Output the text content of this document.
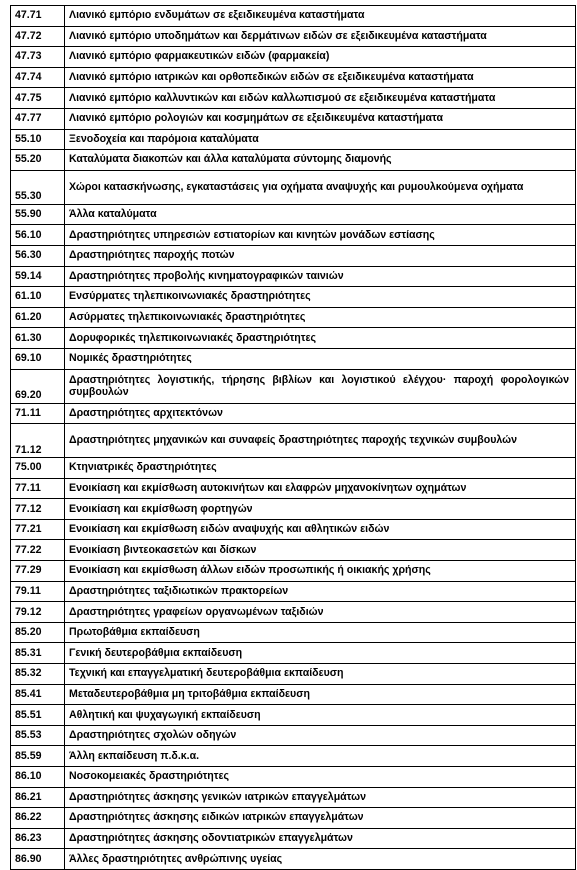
47.71	Λιανικό εμπόριο ενδυμάτων σε εξειδικευμένα καταστήματα
47.72	Λιανικό εμπόριο υποδημάτων και δερμάτινων ειδών σε εξειδικευμένα καταστήματα
47.73	Λιανικό εμπόριο φαρμακευτικών ειδών (φαρμακεία)
47.74	Λιανικό εμπόριο ιατρικών και ορθοπεδικών ειδών σε εξειδικευμένα καταστήματα
47.75	Λιανικό εμπόριο καλλυντικών και ειδών καλλωπισμού σε εξειδικευμένα καταστήματα
47.77	Λιανικό εμπόριο ρολογιών και κοσμημάτων σε εξειδικευμένα καταστήματα
55.10	Ξενοδοχεία και παρόμοια καταλύματα
55.20	Καταλύματα διακοπών και άλλα καταλύματα σύντομης διαμονής
55.30	Χώροι κατασκήνωσης, εγκαταστάσεις για οχήματα αναψυχής και ρυμουλκούμενα οχήματα
55.90	Άλλα καταλύματα
56.10	Δραστηριότητες υπηρεσιών εστιατορίων και κινητών μονάδων εστίασης
56.30	Δραστηριότητες παροχής ποτών
59.14	Δραστηριότητες προβολής κινηματογραφικών ταινιών
61.10	Ενσύρματες τηλεπικοινωνιακές δραστηριότητες
61.20	Ασύρματες τηλεπικοινωνιακές δραστηριότητες
61.30	Δορυφορικές τηλεπικοινωνιακές δραστηριότητες
69.10	Νομικές δραστηριότητες
69.20	Δραστηριότητες λογιστικής, τήρησης βιβλίων και λογιστικού ελέγχου· παροχή φορολογικών συμβουλών
71.11	Δραστηριότητες αρχιτεκτόνων
71.12	Δραστηριότητες μηχανικών και συναφείς δραστηριότητες παροχής τεχνικών συμβουλών
75.00	Κτηνιατρικές δραστηριότητες
77.11	Ενοικίαση και εκμίσθωση αυτοκινήτων και ελαφρών μηχανοκίνητων οχημάτων
77.12	Ενοικίαση και εκμίσθωση φορτηγών
77.21	Ενοικίαση και εκμίσθωση ειδών αναψυχής και αθλητικών ειδών
77.22	Ενοικίαση βιντεοκασετών και δίσκων
77.29	Ενοικίαση και εκμίσθωση άλλων ειδών προσωπικής ή οικιακής χρήσης
79.11	Δραστηριότητες ταξιδιωτικών πρακτορείων
79.12	Δραστηριότητες γραφείων οργανωμένων ταξιδιών
85.20	Πρωτοβάθμια εκπαίδευση
85.31	Γενική δευτεροβάθμια εκπαίδευση
85.32	Τεχνική και επαγγελματική δευτεροβάθμια εκπαίδευση
85.41	Μεταδευτεροβάθμια μη τριτοβάθμια εκπαίδευση
85.51	Αθλητική και ψυχαγωγική εκπαίδευση
85.53	Δραστηριότητες σχολών οδηγών
85.59	Άλλη εκπαίδευση π.δ.κ.α.
86.10	Νοσοκομειακές δραστηριότητες
86.21	Δραστηριότητες άσκησης γενικών ιατρικών επαγγελμάτων
86.22	Δραστηριότητες άσκησης ειδικών ιατρικών επαγγελμάτων
86.23	Δραστηριότητες άσκησης οδοντιατρικών επαγγελμάτων
86.90	Άλλες δραστηριότητες ανθρώπινης υγείας
